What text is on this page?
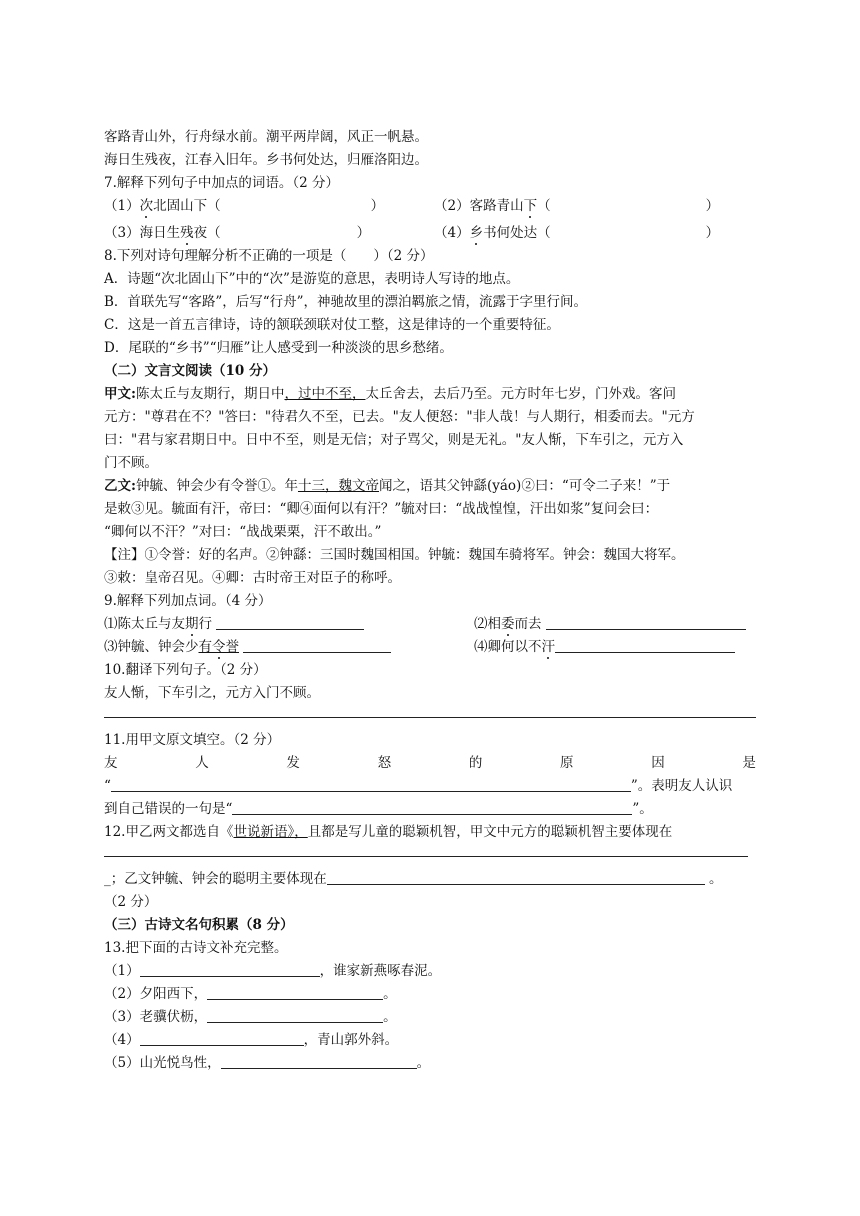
客路青山外，行舟绿水前。潮平两岸阔，风正一帆悬。
海日生残夜，江春入旧年。乡书何处达，归雁洛阳边。
7.解释下列句子中加点的词语。（2 分）
（1）次北固山下（	）	（2）客路青山下（	）
（3）海日生残夜（	）	（4）乡书何处达（	）
8.下列对诗句理解分析不正确的一项是（　　）（2 分）
A．诗题“次北固山下”中的“次”是游览的意思，表明诗人写诗的地点。
B．首联先写“客路”，后写“行舟”，神驰故里的漂泊羁旅之情，流露于字里行间。
C．这是一首五言律诗，诗的颔联颈联对仗工整，这是律诗的一个重要特征。
D．尾联的“乡书”“归雁”让人感受到一种淡淡的思乡愁绪。
（二）文言文阅读（10 分）
甲文:陈太丘与友期行，期日中，过中不至，太丘舍去，去后乃至。元方时年七岁，门外戏。客问
元方："尊君在不？"答曰："待君久不至，已去。"友人便怒："非人哉！与人期行，相委而去。"元方
曰："君与家君期日中。日中不至，则是无信；对子骂父，则是无礼。"友人惭，下车引之，元方入
门不顾。
乙文:钟毓、钟会少有令誉①。年十三，魏文帝闻之，语其父钟繇(yáo)②曰：“可令二子来！”于
是敕③见。毓面有汗，帝曰：“卿④面何以有汗？”毓对曰：“战战惶惶，汗出如浆”复问会曰：
“卿何以不汗？”对曰：“战战栗栗，汗不敢出。”
【注】①令誉：好的名声。②钟繇：三国时魏国相国。钟毓：魏国车骑将军。钟会：魏国大将军。
③敕：皇帝召见。④卿：古时帝王对臣子的称呼。
9.解释下列加点词。（4 分）
⑴陈太丘与友期行	⑵相委而去
⑶钟毓、钟会少有令誉	⑷卿何以不汗
10.翻译下列句子。（2 分）
友人惭，下车引之，元方入门不顾。
11.用甲文原文填空。（2 分）
友	人	发	怒	的	原	因	是
“	”。表明友人认识
到自己错误的一句是“	”。
12.甲乙两文都选自《世说新语》，且都是写儿童的聪颖机智，甲文中元方的聪颖机智主要体现在
_；乙文钟毓、钟会的聪明主要体现在	。
（2 分）
（三）古诗文名句积累（8 分）
13.把下面的古诗文补充完整。
（1）	，谁家新燕啄春泥。
（2）夕阳西下，	。
（3）老骥伏枥，	。
（4）	，青山郭外斜。
（5）山光悦鸟性，	。
